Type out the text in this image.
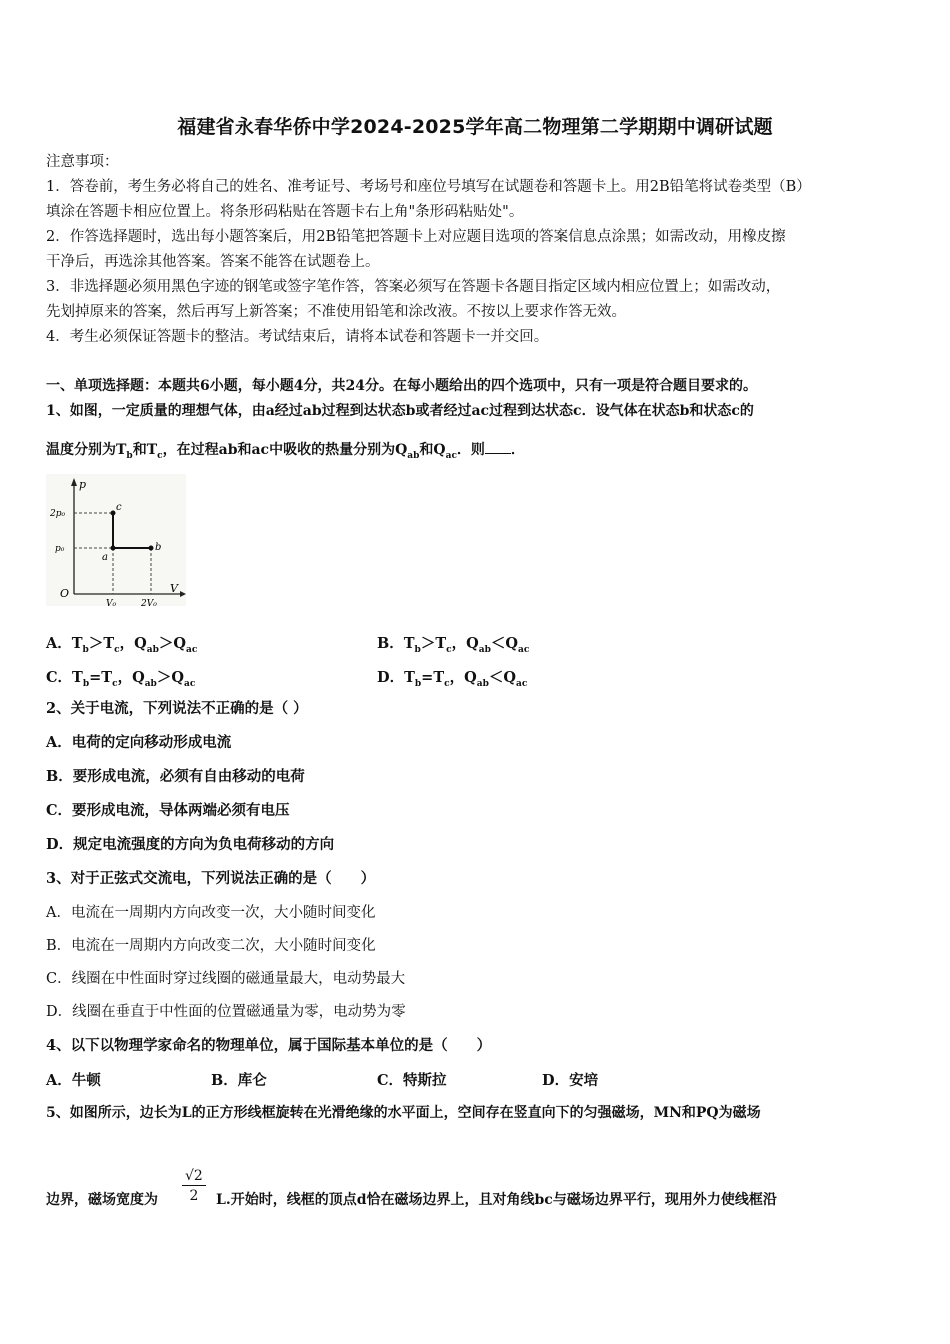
福建省永春华侨中学2024-2025学年高二物理第二学期期中调研试题
注意事项：
1．答卷前，考生务必将自己的姓名、准考证号、考场号和座位号填写在试题卷和答题卡上。用2B铅笔将试卷类型（B）
填涂在答题卡相应位置上。将条形码粘贴在答题卡右上角"条形码粘贴处"。
2．作答选择题时，选出每小题答案后，用2B铅笔把答题卡上对应题目选项的答案信息点涂黑；如需改动，用橡皮擦
干净后，再选涂其他答案。答案不能答在试题卷上。
3．非选择题必须用黑色字迹的钢笔或签字笔作答，答案必须写在答题卡各题目指定区域内相应位置上；如需改动，
先划掉原来的答案，然后再写上新答案；不准使用铅笔和涂改液。不按以上要求作答无效。
4．考生必须保证答题卡的整洁。考试结束后，请将本试卷和答题卡一并交回。
一、单项选择题：本题共6小题，每小题4分，共24分。在每小题给出的四个选项中，只有一项是符合题目要求的。
1、如图，一定质量的理想气体，由a经过ab过程到达状态b或者经过ac过程到达状态c．设气体在状态b和状态c的
温度分别为$T_b$和$T_c$，在过程ab和ac中吸收的热量分别为$Q_{ab}$和$Q_{ac}$．则 ．
p
V
O
2p₀
p₀
V₀	2V₀
a
b
c
A．$T_b>T_c$，$Q_{ab}>Q_{ac}$	B．$T_b>T_c$，$Q_{ab}<Q_{ac}$
C．$T_b=T_c$，$Q_{ab}>Q_{ac}$	D．$T_b=T_c$，$Q_{ab}<Q_{ac}$
2、关于电流，下列说法不正确的是（ ）
A．电荷的定向移动形成电流
B．要形成电流，必须有自由移动的电荷
C．要形成电流，导体两端必须有电压
D．规定电流强度的方向为负电荷移动的方向
3、对于正弦式交流电，下列说法正确的是（　　）
A．电流在一周期内方向改变一次，大小随时间变化
B．电流在一周期内方向改变二次，大小随时间变化
C．线圈在中性面时穿过线圈的磁通量最大，电动势最大
D．线圈在垂直于中性面的位置磁通量为零，电动势为零
4、以下以物理学家命名的物理单位，属于国际基本单位的是（　　）
A．牛顿	B．库仑	C．特斯拉	D．安培
5、如图所示，边长为L的正方形线框旋转在光滑绝缘的水平面上，空间存在竖直向下的匀强磁场，MN和PQ为磁场
边界，磁场宽度为 $\frac{√2}{2} L$.开始时，线框的顶点d恰在磁场边界上，且对角线bc与磁场边界平行，现用外力使线框沿
